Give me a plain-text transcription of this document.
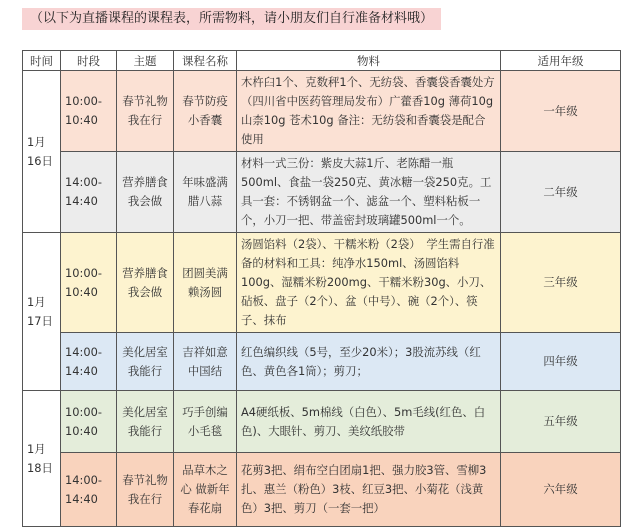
（以下为直播课程的课程表，所需物料，请小朋友们自行准备材料哦）
时间	时段	主题	课程名称	物料	适用年级
1月16日	10:00-10:40	春节礼物我在行	春节防疫小香囊	木杵臼1个、克数秤1个、无纺袋、香囊袋香囊处方（四川省中医药管理局发布）广藿香10g 薄荷10g 山柰10g 苍术10g 备注：无纺袋和香囊袋是配合使用	一年级
	14:00-14:40	营养膳食我会做	年味盛满腊八蒜	材料一式三份：紫皮大蒜1斤、老陈醋一瓶500ml、食盐一袋250克、黄冰糖一袋250克。工具一套：不锈钢盆一个、滤盆一个、塑料粘板一个，小刀一把、带盖密封玻璃罐500ml一个。	二年级
1月17日	10:00-10:40	营养膳食我会做	团圆美满赖汤圆	汤圆馅料（2袋）、干糯米粉（2袋）　学生需自行准备的材料和工具：纯净水150ml、汤圆馅料100g、湿糯米粉200mg、干糯米粉30g、小刀、砧板、盘子（2个）、盆（中号）、碗（2个）、筷子、抹布	三年级
	14:00-14:40	美化居室我能行	吉祥如意中国结	红色编织线（5号，至少20米）；3股流苏线（红色、黄色各1筒）；剪刀；	四年级
1月18日	10:00-10:40	美化居室我能行	巧手创编小毛毯	A4硬纸板、5m棉线（白色）、5m毛线(红色、白色)、大眼针、剪刀、美纹纸胶带	五年级
	14:00-14:40	春节礼物我在行	品草木之心 做新年春花扇	花剪3把、绢布空白团扇1把、强力胶3管、雪柳3扎、惠兰（粉色）3枝、红豆3把、小菊花（浅黄色）3把、剪刀（一套一把）	六年级
